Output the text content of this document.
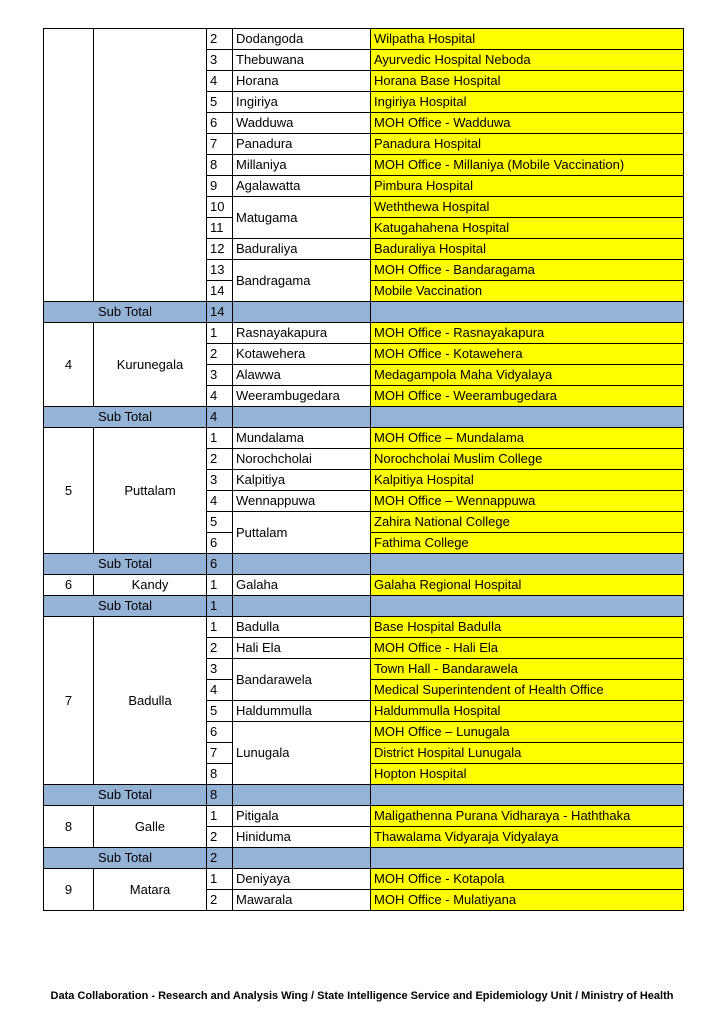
		2	Dodangoda	Wilpatha Hospital
		3	Thebuwana	Ayurvedic Hospital Neboda
		4	Horana	Horana Base Hospital
		5	Ingiriya	Ingiriya Hospital
		6	Wadduwa	MOH Office - Wadduwa
		7	Panadura	Panadura Hospital
		8	Millaniya	MOH Office - Millaniya (Mobile Vaccination)
		9	Agalawatta	Pimbura Hospital
		10	Matugama	Weththewa Hospital
		11		Katugahahena Hospital
		12	Baduraliya	Baduraliya Hospital
		13	Bandragama	MOH Office - Bandaragama
		14		Mobile Vaccination
Sub Total		14		
4	Kurunegala	1	Rasnayakapura	MOH Office - Rasnayakapura
		2	Kotawehera	MOH Office - Kotawehera
		3	Alawwa	Medagampola Maha Vidyalaya
		4	Weerambugedara	MOH Office - Weerambugedara
Sub Total		4		
5	Puttalam	1	Mundalama	MOH Office – Mundalama
		2	Norochcholai	Norochcholai Muslim College
		3	Kalpitiya	Kalpitiya Hospital
		4	Wennappuwa	MOH Office – Wennappuwa
		5	Puttalam	Zahira National College
		6		Fathima College
Sub Total		6		
6	Kandy	1	Galaha	Galaha Regional Hospital
Sub Total		1		
7	Badulla	1	Badulla	Base Hospital Badulla
		2	Hali Ela	MOH Office - Hali Ela
		3	Bandarawela	Town Hall - Bandarawela
		4		Medical Superintendent of Health Office
		5	Haldummulla	Haldummulla Hospital
		6	Lunugala	MOH Office – Lunugala
		7		District Hospital Lunugala
		8		Hopton Hospital
Sub Total		8		
8	Galle	1	Pitigala	Maligathenna Purana Vidharaya - Haththaka
		2	Hiniduma	Thawalama Vidyaraja Vidyalaya
Sub Total		2		
9	Matara	1	Deniyaya	MOH Office - Kotapola
		2	Mawarala	MOH Office - Mulatiyana
Data Collaboration - Research and Analysis Wing / State Intelligence Service and Epidemiology Unit / Ministry of Health
